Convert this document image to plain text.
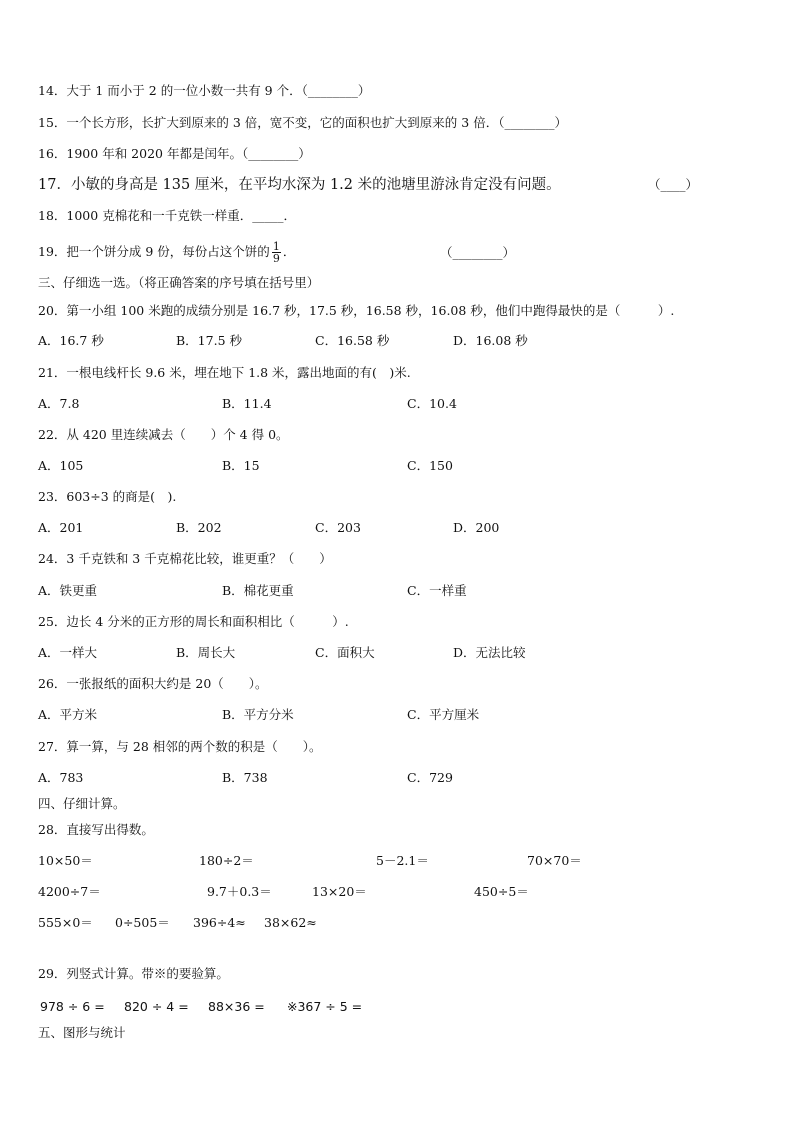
14．大于 1 而小于 2 的一位小数一共有 9 个．（________）
15．一个长方形，长扩大到原来的 3 倍，宽不变，它的面积也扩大到原来的 3 倍．（________）
16．1900 年和 2020 年都是闰年。（________）
17．小敏的身高是 135 厘米，在平均水深为 1.2 米的池塘里游泳肯定没有问题。	（____）
18．1000 克棉花和一千克铁一样重．_____．
19．把一个饼分成 9 份，每份占这个饼的 $\frac{1}{9}$ ．	（________）
三、仔细选一选。（将正确答案的序号填在括号里）
20．第一小组 100 米跑的成绩分别是 16.7 秒，17.5 秒，16.58 秒，16.08 秒，他们中跑得最快的是（　　　）.
A．16.7 秒	B．17.5 秒	C．16.58 秒	D．16.08 秒
21．一根电线杆长 9.6 米，埋在地下 1.8 米，露出地面的有(　)米.
A．7.8	B．11.4	C．10.4
22．从 420 里连续减去（　　）个 4 得 0。
A．105	B．15	C．150
23．603÷3 的商是(　).
A．201	B．202	C．203	D．200
24．3 千克铁和 3 千克棉花比较，谁更重？（　　）
A．铁更重	B．棉花更重	C．一样重
25．边长 4 分米的正方形的周长和面积相比（　　　）.
A．一样大	B．周长大	C．面积大	D．无法比较
26．一张报纸的面积大约是 20（　　）。
A．平方米	B．平方分米	C．平方厘米
27．算一算，与 28 相邻的两个数的积是（　　）。
A．783	B．738	C．729
四、仔细计算。
28．直接写出得数。
10×50＝	180÷2＝	5－2.1＝	70×70＝
4200÷7＝	9.7＋0.3＝	13×20＝	450÷5＝
555×0＝ 0÷505＝ 396÷4≈ 38×62≈
29．列竖式计算。带※的要验算。
978 ÷ 6 = 820 ÷ 4 = 88×36 = ※367 ÷ 5 =
五、图形与统计
